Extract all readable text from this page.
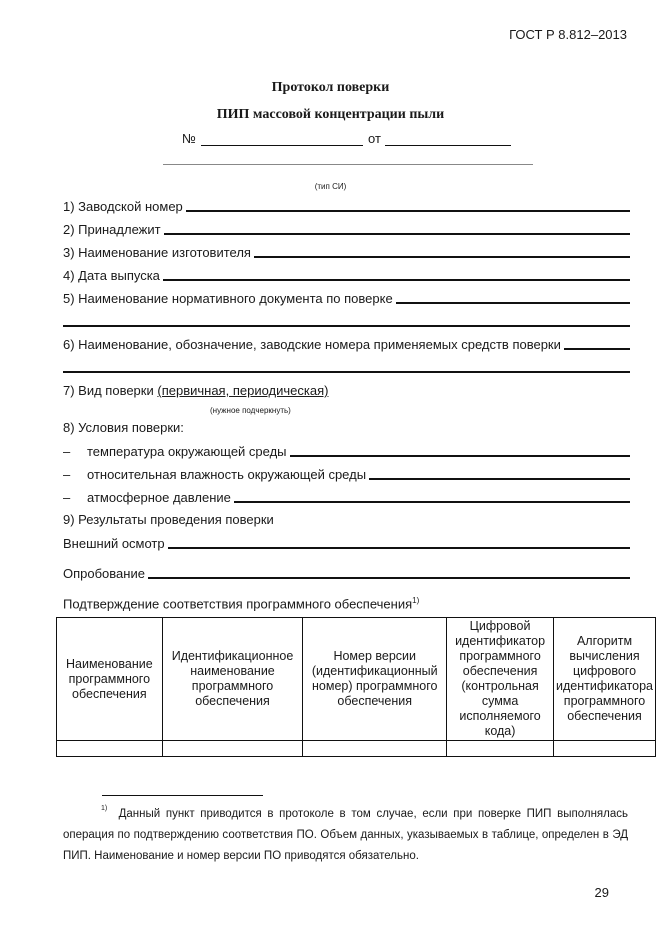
ГОСТ Р 8.812–2013
Протокол поверки
ПИП массовой концентрации пыли
№	от
(тип СИ)
1) Заводской номер
2) Принадлежит
3) Наименование изготовителя
4) Дата выпуска
5) Наименование нормативного документа по поверке
6) Наименование, обозначение, заводские номера применяемых средств поверки
7) Вид поверки (первичная, периодическая)
(нужное подчеркнуть)
8) Условия поверки:
–	температура окружающей среды
–	относительная влажность окружающей среды
–	атмосферное давление
9) Результаты проведения поверки
Внешний осмотр
Опробование
Подтверждение соответствия программного обеспечения$^{1)}$
Наименование программного обеспечения	Идентификационное наименование программного обеспечения	Номер версии (идентификационный номер) программного обеспечения	Цифровой идентификатор программного обеспечения (контрольная сумма исполняемого кода)	Алгоритм вычисления цифрового идентификатора программного обеспечения

$^{1)}$ Данный пункт приводится в протоколе в том случае, если при поверке ПИП выполнялась операция по подтверждению соответствия ПО. Объем данных, указываемых в таблице, определен в ЭД ПИП. Наименование и номер версии ПО приводятся обязательно.
29
